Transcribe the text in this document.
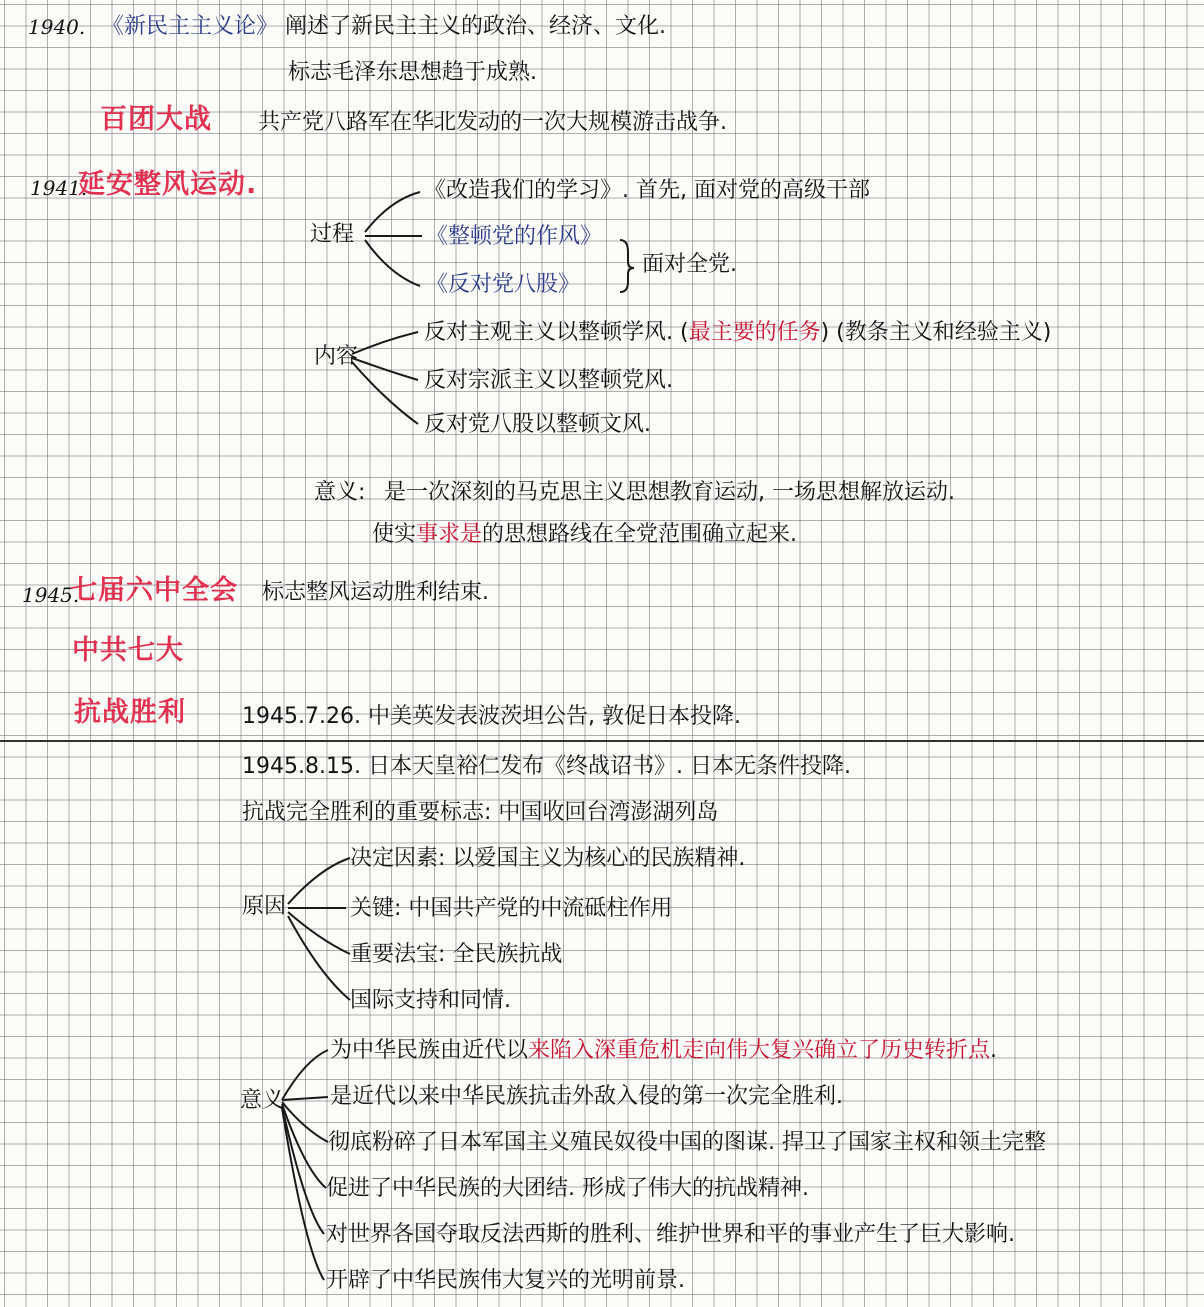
1940. 《新民主主义论》 阐述了新民主主义的政治、经济、文化.
标志毛泽东思想趋于成熟.
百团大战 共产党八路军在华北发动的一次大规模游击战争.
1941.
延安整风运动.
过程
《改造我们的学习》. 首先, 面对党的高级干部
《整顿党的作风》
《反对党八股》
面对全党.
内容
反对主观主义以整顿学风. (最主要的任务) (教条主义和经验主义)
反对宗派主义以整顿党风.
反对党八股以整顿文风.
意义: 是一次深刻的马克思主义思想教育运动, 一场思想解放运动.
使实事求是的思想路线在全党范围确立起来.
1945.
七届六中全会 标志整风运动胜利结束.
中共七大
抗战胜利	1945.7.26. 中美英发表波茨坦公告, 敦促日本投降.
1945.8.15. 日本天皇裕仁发布《终战诏书》. 日本无条件投降.
抗战完全胜利的重要标志: 中国收回台湾澎湖列岛
原因
决定因素: 以爱国主义为核心的民族精神.
关键: 中国共产党的中流砥柱作用
重要法宝: 全民族抗战
国际支持和同情.
意义
为中华民族由近代以来陷入深重危机走向伟大复兴确立了历史转折点.
是近代以来中华民族抗击外敌入侵的第一次完全胜利.
彻底粉碎了日本军国主义殖民奴役中国的图谋. 捍卫了国家主权和领土完整
促进了中华民族的大团结. 形成了伟大的抗战精神.
对世界各国夺取反法西斯的胜利、维护世界和平的事业产生了巨大影响.
开辟了中华民族伟大复兴的光明前景.
